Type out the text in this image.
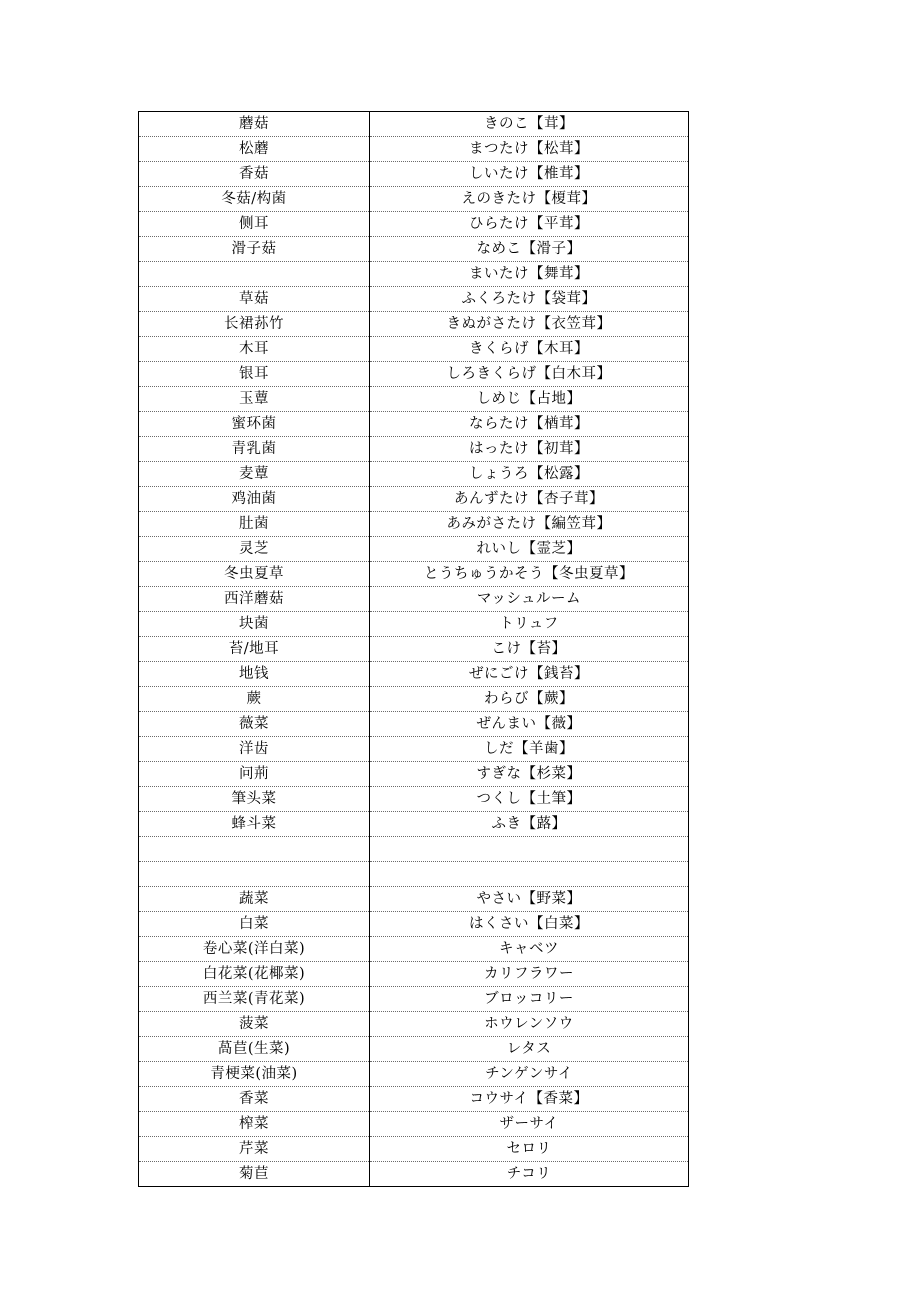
蘑菇	きのこ【茸】
松蘑	まつたけ【松茸】
香菇	しいたけ【椎茸】
冬菇/构菌	えのきたけ【榎茸】
侧耳	ひらたけ【平茸】
滑子菇	なめこ【滑子】
	まいたけ【舞茸】
草菇	ふくろたけ【袋茸】
长裙荪竹	きぬがさたけ【衣笠茸】
木耳	きくらげ【木耳】
银耳	しろきくらげ【白木耳】
玉蕈	しめじ【占地】
蜜环菌	ならたけ【楢茸】
青乳菌	はったけ【初茸】
麦蕈	しょうろ【松露】
鸡油菌	あんずたけ【杏子茸】
肚菌	あみがさたけ【編笠茸】
灵芝	れいし【霊芝】
冬虫夏草	とうちゅうかそう【冬虫夏草】
西洋蘑菇	マッシュルーム
块菌	トリュフ
苔/地耳	こけ【苔】
地钱	ぜにごけ【銭苔】
蕨	わらび【蕨】
薇菜	ぜんまい【薇】
洋齿	しだ【羊歯】
问荊	すぎな【杉菜】
筆头菜	つくし【土筆】
蜂斗菜	ふき【蕗】

蔬菜	やさい【野菜】
白菜	はくさい【白菜】
卷心菜(洋白菜)	キャベツ
白花菜(花椰菜)	カリフラワー
西兰菜(青花菜)	ブロッコリー
菠菜	ホウレンソウ
萵苣(生菜)	レタス
青梗菜(油菜)	チンゲンサイ
香菜	コウサイ【香菜】
榨菜	ザーサイ
芹菜	セロリ
菊苣	チコリ
